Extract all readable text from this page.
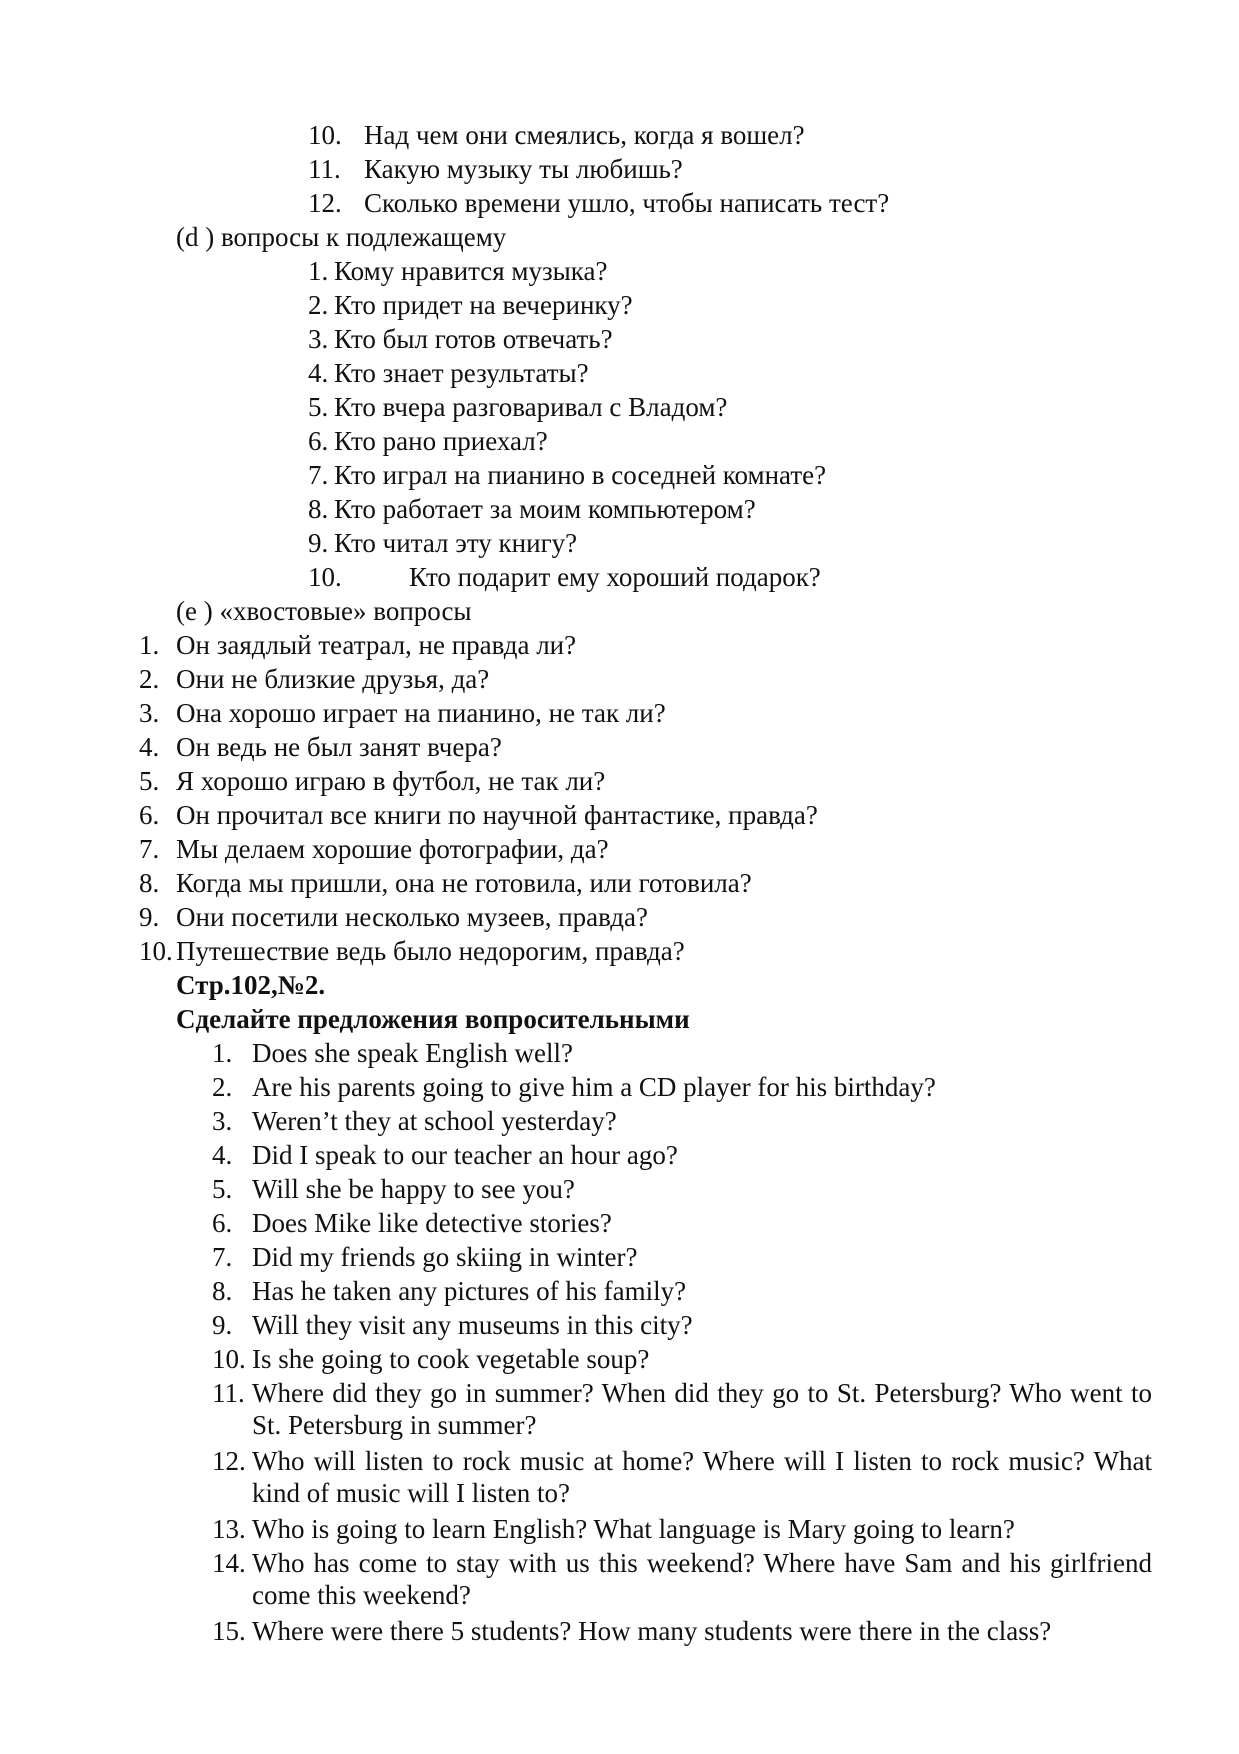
10. Над чем они смеялись, когда я вошел?
11. Какую музыку ты любишь?
12. Сколько времени ушло, чтобы написать тест?
(d ) вопросы к подлежащему
1. Кому нравится музыка?
2. Кто придет на вечеринку?
3. Кто был готов отвечать?
4. Кто знает результаты?
5. Кто вчера разговаривал с Владом?
6. Кто рано приехал?
7. Кто играл на пианино в соседней комнате?
8. Кто работает за моим компьютером?
9. Кто читал эту книгу?
10. Кто подарит ему хороший подарок?
(e ) «хвостовые» вопросы
1. Он заядлый театрал, не правда ли?
2. Они не близкие друзья, да?
3. Она хорошо играет на пианино, не так ли?
4. Он ведь не был занят вчера?
5. Я хорошо играю в футбол, не так ли?
6. Он прочитал все книги по научной фантастике, правда?
7. Мы делаем хорошие фотографии, да?
8. Когда мы пришли, она не готовила, или готовила?
9. Они посетили несколько музеев, правда?
10. Путешествие ведь было недорогим, правда?
Стр.102,№2.
Сделайте предложения вопросительными
1. Does she speak English well?
2. Are his parents going to give him a CD player for his birthday?
3. Weren’t they at school yesterday?
4. Did I speak to our teacher an hour ago?
5. Will she be happy to see you?
6. Does Mike like detective stories?
7. Did my friends go skiing in winter?
8. Has he taken any pictures of his family?
9. Will they visit any museums in this city?
10. Is she going to cook vegetable soup?
11. Where did they go in summer? When did they go to St. Petersburg? Who went to St. Petersburg in summer?
12. Who will listen to rock music at home? Where will I listen to rock music? What kind of music will I listen to?
13. Who is going to learn English? What language is Mary going to learn?
14. Who has come to stay with us this weekend? Where have Sam and his girlfriend come this weekend?
15. Where were there 5 students? How many students were there in the class?
